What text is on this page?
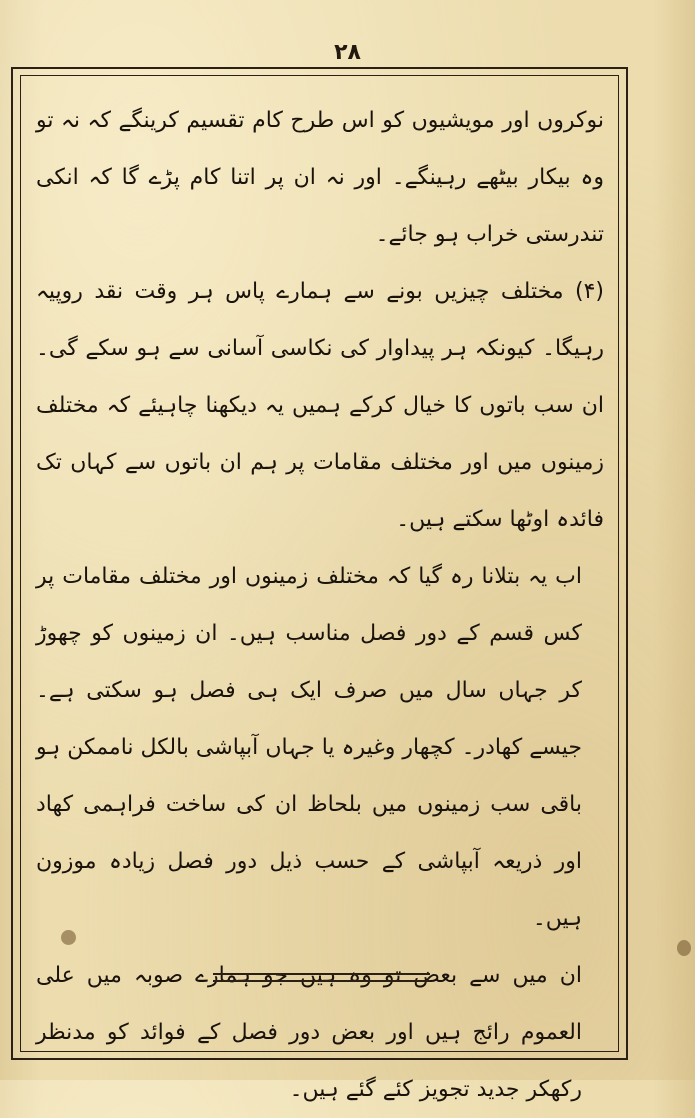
۲۸

نوکروں اور مویشیوں کو اس طرح کام تقسیم کرینگے کہ نہ تو وہ بیکار بیٹھے رہینگے۔ اور نہ ان پر اتنا کام پڑے گا کہ انکی تندرستی خراب ہو جائے۔

(۴) مختلف چیزیں بونے سے ہمارے پاس ہر وقت نقد روپیہ رہیگا۔ کیونکہ ہر پیداوار کی نکاسی آسانی سے ہو سکے گی۔ ان سب باتوں کا خیال کرکے ہمیں یہ دیکھنا چاہیئے کہ مختلف زمینوں میں اور مختلف مقامات پر ہم ان باتوں سے کہاں تک فائدہ اوٹھا سکتے ہیں۔

اب یہ بتلانا رہ گیا کہ مختلف زمینوں اور مختلف مقامات پر کس قسم کے دور فصل مناسب ہیں۔ ان زمینوں کو چھوڑ کر جہاں سال میں صرف ایک ہی فصل ہو سکتی ہے۔ جیسے کھادر۔ کچھار وغیرہ یا جہاں آبپاشی بالکل ناممکن ہو باقی سب زمینوں میں بلحاظ ان کی ساخت فراہمی کھاد اور ذریعہ آبپاشی کے حسب ذیل دور فصل زیادہ موزون ہیں۔

ان میں سے بعض تو وہ ہیں جو ہمارے صوبہ میں علی العموم رائج ہیں اور بعض دور فصل کے فوائد کو مدنظر رکھکر جدید تجویز کئے گئے ہیں۔
